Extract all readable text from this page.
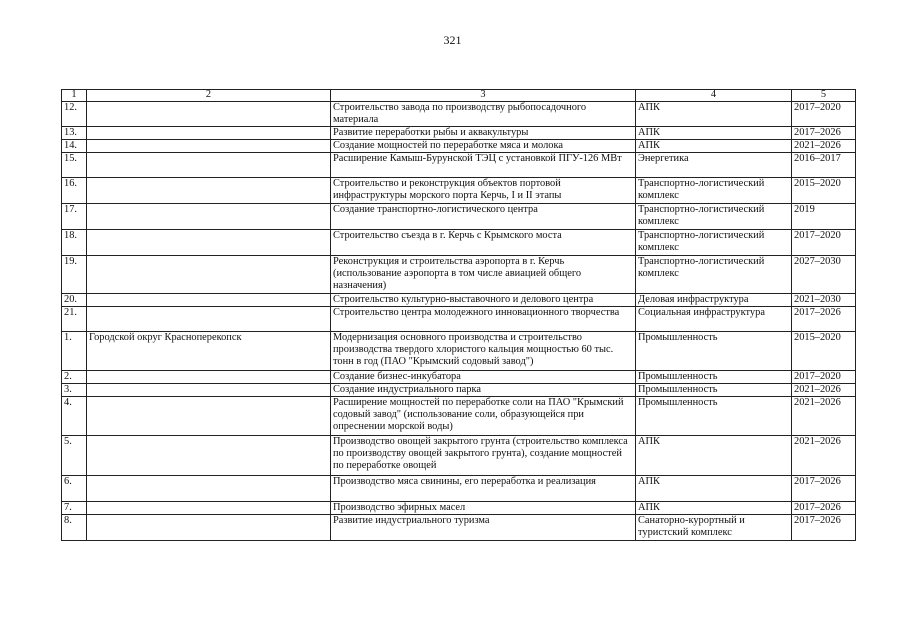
321
1	2	3	4	5
12.		Строительство завода по производству рыбопосадочного материала	АПК	2017–2020
13.		Развитие переработки рыбы и аквакультуры	АПК	2017–2026
14.		Создание мощностей по переработке мяса и молока	АПК	2021–2026
15.		Расширение Камыш-Бурунской ТЭЦ с установкой ПГУ-126 МВт	Энергетика	2016–2017
16.		Строительство и реконструкция объектов портовой инфраструктуры морского порта Керчь, I и II этапы	Транспортно-логистический комплекс	2015–2020
17.		Создание транспортно-логистического центра	Транспортно-логистический комплекс	2019
18.		Строительство съезда в г. Керчь с Крымского моста	Транспортно-логистический комплекс	2017–2020
19.		Реконструкция и строительства аэропорта в г. Керчь (использование аэропорта в том числе авиацией общего назначения)	Транспортно-логистический комплекс	2027–2030
20.		Строительство культурно-выставочного и делового центра	Деловая инфраструктура	2021–2030
21.		Строительство центра молодежного инновационного творчества	Социальная инфраструктура	2017–2026
1.	Городской округ Красноперекопск	Модернизация основного производства и строительство производства твердого хлористого кальция мощностью 60 тыс. тонн в год (ПАО "Крымский содовый завод")	Промышленность	2015–2020
2.		Создание бизнес-инкубатора	Промышленность	2017–2020
3.		Создание индустриального парка	Промышленность	2021–2026
4.		Расширение мощностей по переработке соли на ПАО "Крымский содовый завод" (использование соли, образующейся при опреснении морской воды)	Промышленность	2021–2026
5.		Производство овощей закрытого грунта (строительство комплекса по производству овощей закрытого грунта), создание мощностей по переработке овощей	АПК	2021–2026
6.		Производство мяса свинины, его переработка и реализация	АПК	2017–2026
7.		Производство эфирных масел	АПК	2017–2026
8.		Развитие индустриального туризма	Санаторно-курортный и туристский комплекс	2017–2026
